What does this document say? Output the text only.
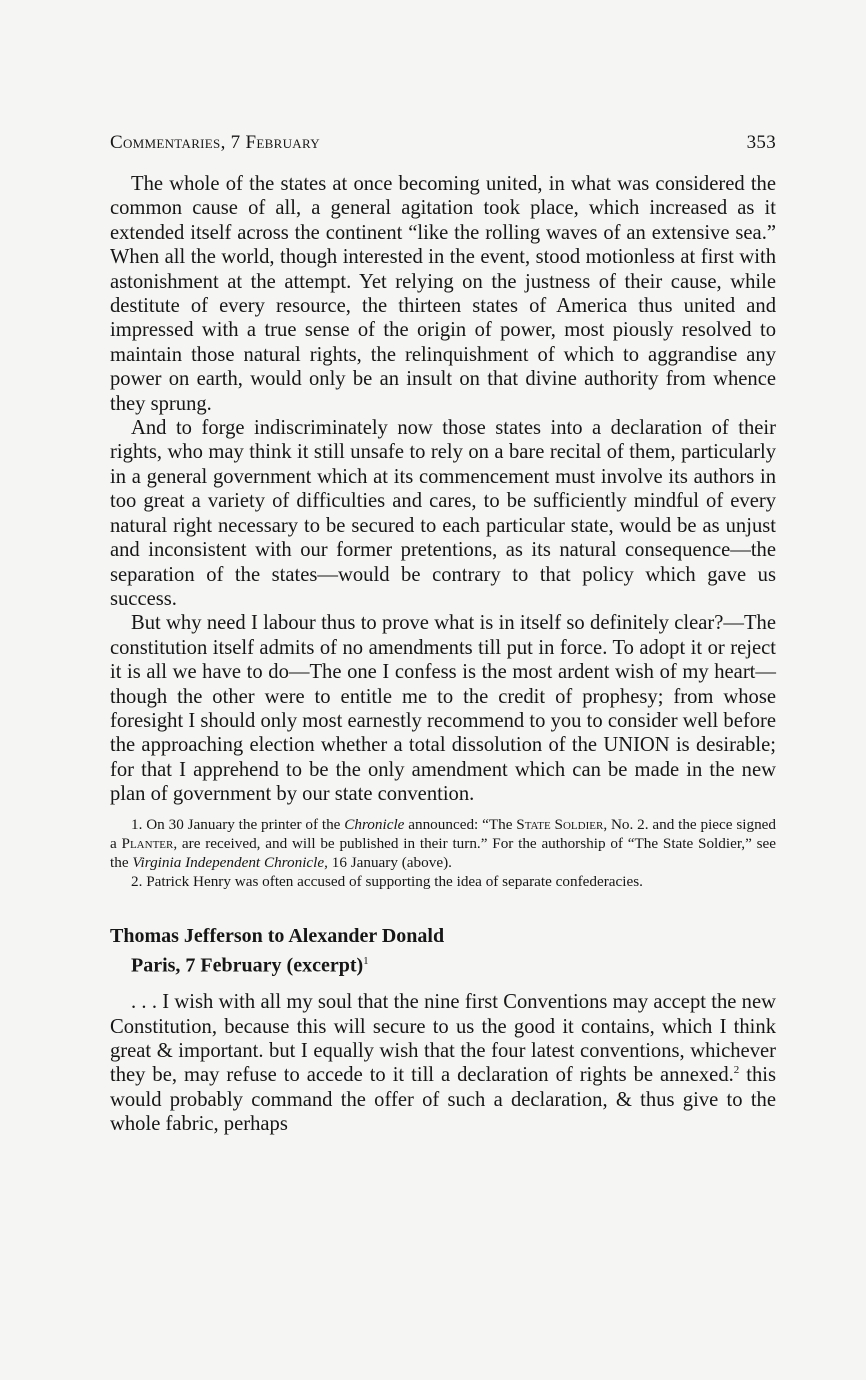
Commentaries, 7 February	353

The whole of the states at once becoming united, in what was considered the common cause of all, a general agitation took place, which increased as it extended itself across the continent “like the rolling waves of an extensive sea.” When all the world, though interested in the event, stood motionless at first with astonishment at the attempt. Yet relying on the justness of their cause, while destitute of every resource, the thirteen states of America thus united and impressed with a true sense of the origin of power, most piously resolved to maintain those natural rights, the relinquishment of which to aggrandise any power on earth, would only be an insult on that divine authority from whence they sprung.

And to forge indiscriminately now those states into a declaration of their rights, who may think it still unsafe to rely on a bare recital of them, particularly in a general government which at its commencement must involve its authors in too great a variety of difficulties and cares, to be sufficiently mindful of every natural right necessary to be secured to each particular state, would be as unjust and inconsistent with our former pretentions, as its natural consequence—the separation of the states—would be contrary to that policy which gave us success.

But why need I labour thus to prove what is in itself so definitely clear?—The constitution itself admits of no amendments till put in force. To adopt it or reject it is all we have to do—The one I confess is the most ardent wish of my heart—though the other were to entitle me to the credit of prophesy; from whose foresight I should only most earnestly recommend to you to consider well before the approaching election whether a total dissolution of the UNION is desirable; for that I apprehend to be the only amendment which can be made in the new plan of government by our state convention.

1. On 30 January the printer of the Chronicle announced: “The State Soldier, No. 2. and the piece signed a Planter, are received, and will be published in their turn.” For the authorship of “The State Soldier,” see the Virginia Independent Chronicle, 16 January (above).

2. Patrick Henry was often accused of supporting the idea of separate confederacies.

Thomas Jefferson to Alexander Donald
Paris, 7 February (excerpt)$^1$

. . . I wish with all my soul that the nine first Conventions may accept the new Constitution, because this will secure to us the good it contains, which I think great & important. but I equally wish that the four latest conventions, whichever they be, may refuse to accede to it till a declaration of rights be annexed.$^2$ this would probably command the offer of such a declaration, & thus give to the whole fabric, perhaps
